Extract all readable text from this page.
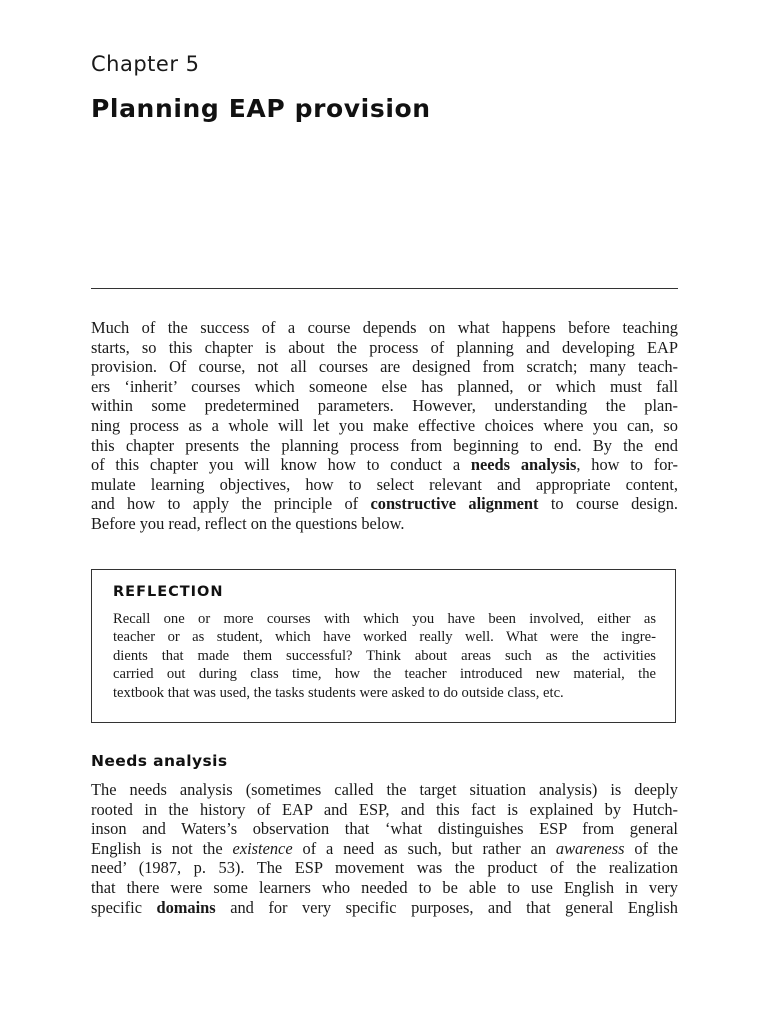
Chapter 5
Planning EAP provision
Much of the success of a course depends on what happens before teaching
starts, so this chapter is about the process of planning and developing EAP
provision. Of course, not all courses are designed from scratch; many teach-
ers ‘inherit’ courses which someone else has planned, or which must fall
within some predetermined parameters. However, understanding the plan-
ning process as a whole will let you make effective choices where you can, so
this chapter presents the planning process from beginning to end. By the end
of this chapter you will know how to conduct a needs analysis, how to for-
mulate learning objectives, how to select relevant and appropriate content,
and how to apply the principle of constructive alignment to course design.
Before you read, reflect on the questions below.
REFLECTION
Recall one or more courses with which you have been involved, either as
teacher or as student, which have worked really well. What were the ingre-
dients that made them successful? Think about areas such as the activities
carried out during class time, how the teacher introduced new material, the
textbook that was used, the tasks students were asked to do outside class, etc.
Needs analysis
The needs analysis (sometimes called the target situation analysis) is deeply
rooted in the history of EAP and ESP, and this fact is explained by Hutch-
inson and Waters’s observation that ‘what distinguishes ESP from general
English is not the existence of a need as such, but rather an awareness of the
need’ (1987, p. 53). The ESP movement was the product of the realization
that there were some learners who needed to be able to use English in very
specific domains and for very specific purposes, and that general English
